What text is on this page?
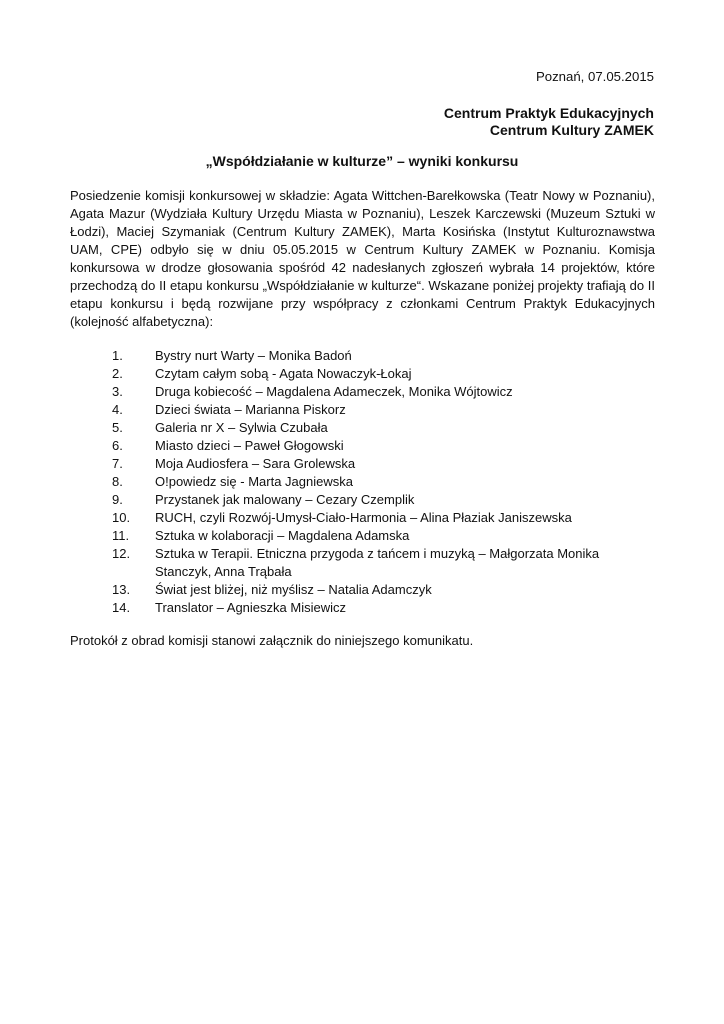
Poznań, 07.05.2015
Centrum Praktyk Edukacyjnych
Centrum Kultury ZAMEK
„Współdziałanie w kulturze” – wyniki konkursu
Posiedzenie komisji konkursowej w składzie: Agata Wittchen-Barełkowska (Teatr Nowy w Poznaniu), Agata Mazur (Wydziała Kultury Urzędu Miasta w Poznaniu), Leszek Karczewski (Muzeum Sztuki w Łodzi), Maciej Szymaniak (Centrum Kultury ZAMEK), Marta Kosińska (Instytut Kulturoznawstwa UAM, CPE) odbyło się w dniu 05.05.2015 w Centrum Kultury ZAMEK w Poznaniu. Komisja konkursowa w drodze głosowania spośród 42 nadesłanych zgłoszeń wybrała 14 projektów, które przechodzą do II etapu konkursu „Współdziałanie w kulturze“. Wskazane poniżej projekty trafiają do II etapu konkursu i będą rozwijane przy współpracy z członkami Centrum Praktyk Edukacyjnych (kolejność alfabetyczna):
1.	Bystry nurt Warty – Monika Badoń
2.	Czytam całym sobą - Agata Nowaczyk-Łokaj
3.	Druga kobiecość – Magdalena Adameczek, Monika Wójtowicz
4.	Dzieci świata – Marianna Piskorz
5.	Galeria nr X – Sylwia Czubała
6.	Miasto dzieci – Paweł Głogowski
7.	Moja Audiosfera – Sara Grolewska
8.	O!powiedz się - Marta Jagniewska
9.	Przystanek jak malowany – Cezary Czemplik
10.	RUCH, czyli Rozwój-Umysł-Ciało-Harmonia – Alina Płaziak Janiszewska
11.	Sztuka w kolaboracji – Magdalena Adamska
12.	Sztuka w Terapii. Etniczna przygoda z tańcem i muzyką – Małgorzata Monika Stanczyk, Anna Trąbała
13.	Świat jest bliżej, niż myślisz – Natalia Adamczyk
14.	Translator – Agnieszka Misiewicz
Protokół z obrad komisji stanowi załącznik do niniejszego komunikatu.
